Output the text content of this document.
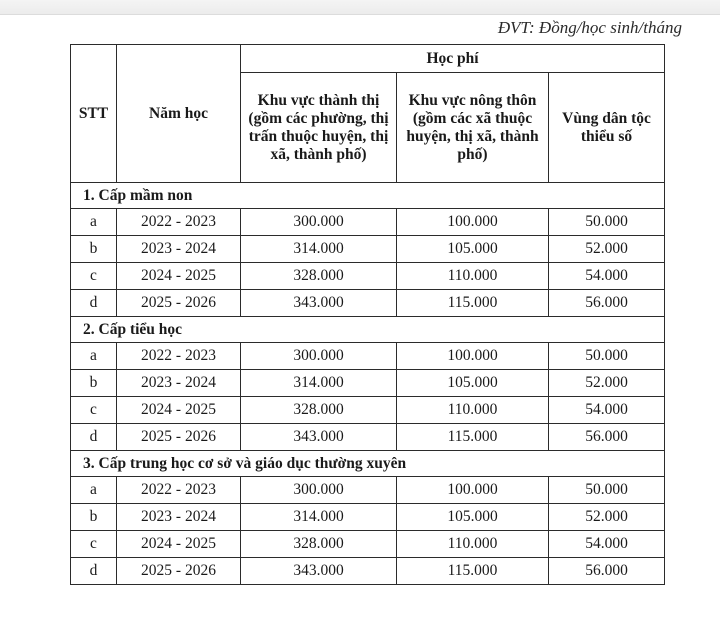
ĐVT: Đồng/học sinh/tháng
STT	Năm học	Học phí		
		Khu vực thành thị (gồm các phường, thị trấn thuộc huyện, thị xã, thành phố)	Khu vực nông thôn (gồm các xã thuộc huyện, thị xã, thành phố)	Vùng dân tộc thiểu số
1. Cấp mầm non				
a	2022 - 2023	300.000	100.000	50.000
b	2023 - 2024	314.000	105.000	52.000
c	2024 - 2025	328.000	110.000	54.000
d	2025 - 2026	343.000	115.000	56.000
2. Cấp tiểu học				
a	2022 - 2023	300.000	100.000	50.000
b	2023 - 2024	314.000	105.000	52.000
c	2024 - 2025	328.000	110.000	54.000
d	2025 - 2026	343.000	115.000	56.000
3. Cấp trung học cơ sở và giáo dục thường xuyên				
a	2022 - 2023	300.000	100.000	50.000
b	2023 - 2024	314.000	105.000	52.000
c	2024 - 2025	328.000	110.000	54.000
d	2025 - 2026	343.000	115.000	56.000
